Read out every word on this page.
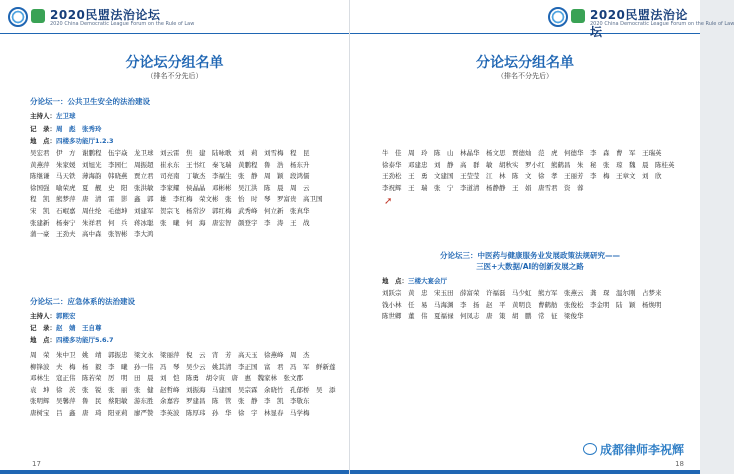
2020民盟法治论坛
2020 China Democratic League Forum on the Rule of Law
分论坛分组名单
（排名不分先后）
分论坛一：公共卫生安全的法治建设
主持人：左卫球
记　录：周　彪　张秀玲
地　点：四楼多功能厅1.2.3
吴宏君　伊　方　谢鹏程　伍宇焱　龙卫球　刘云雷　焦　建　陆咏歌　刘　莉　刘雪梅　程　昆
黄燕萍　朱家媛　刘旭光　李园仁　周振超　崔永东　王书红　秦飞瑞　黄鹏程　鲁　浩　杨东升
陈继谦　马天铁　薄海韵　韩晓燕　贾立君　司亮南　丁敏杰　李福生　张　静　周　颖　段鸿儒
徐国强　喻荣虎　夏　靓　史　阳　张洪敏　李家耀　侯晶晶　邓彬彬　吴江洪　陈　晨　周　云
程　凯　熊梦萍　唐　清　雷　影　鑫　郭　雄　李红梅　荣文彬　张　怡　时　琴　罗富贵　高卫国
宋　凯　石岷嘉　周仕纶　毛德坤　刘建军　贺宗飞　杨常汐　郭红梅　武秀峰　何立新　张真华
张建新　杨秦宁　朱祥君　何　兵　蒋冰聪　张　曦　何　海　唐宏智　颜登宇　李　涛　王　战
蒲一豪　王劲夫　高中森　张智彬　李大鸿
分论坛二：应急体系的法治建设
主持人：郭熙宏
记　录：赵　婧　王自尊
地　点：四楼多功能厅5.6.7
周　荣　朱中卫　姚　靖　郭振忠　梁文永　梁丽萍　倪　云　宵　芳　高天玉　徐燕峰　周　杰
柳锋波　夫　梅　杨　毅　李　曦　孙一伟　冯　琴　吴少云　姚其清　李正国　富　君　冯　军　鲜新莲
邓林生　寇正伟　陈若荣　厉　明　田　晨　刘　恺　陈勇　胡令寅　唐　惠　魏家林　张文郡
袁　坤　徐　茨　张　锐　张　丽　张　健　赵哲峰　刘振海　马建国　吴宗霖　余晓竹　孔郁桥　吴　添
张明辉　吴馨萍　鲁　民　蔡阳敏　游东胜　余嘉容　罗建昌　陈　管　张　静　李　凯　李敬东
唐树宝　吕　鑫　唐　琦　阳亚莉　廖严赞　李英波　陈厚玮　孙　华　徐　宇　林显春　马学梅
17
2020民盟法治论坛
2020 China Democratic League Forum on the Rule of Law
分论坛分组名单
（排名不分先后）
牛　佳　周　玲　陈　山　林晶华　杨文思　贾德灿　范　虎　何德华　李　森　曹　军　王瑞英
徐泰华　邓建忠　刘　静　高　群　敏　胡秋实　罗小红　熊鹤昌　朱　秘　张　琼　魏　晨　陈桂英
王劲松　王　勇　文建国　王莹莹　江　林　陈　文　徐　孝　王丽芳　李　梅　王章文　刘　欣
李祝辉　王　瑞　张　宁　李道清　杨静静　王　娟　唐雪君　资　蓉
➚
分论坛三：中医药与健康服务业发展政策法规研究——
三医+大数据/AI的创新发展之路
地　点：三楼大宴会厅
刘跃宗　黄　忠　宋玉田　薛富荣　许福磊　马少虹　熊方军　张燕云　龚　琛　温尔刚　占梦来
钱小林　任　易　马海渊　李　扬　赵　平　黄明良　曹鹤舫　张俊松　李金明　陆　颖　杨焕明
陈世卿　董　伟　夏福禄　何凤志　唐　策　胡　鹏　常　征　梁俊华
成都律师李祝辉
18
